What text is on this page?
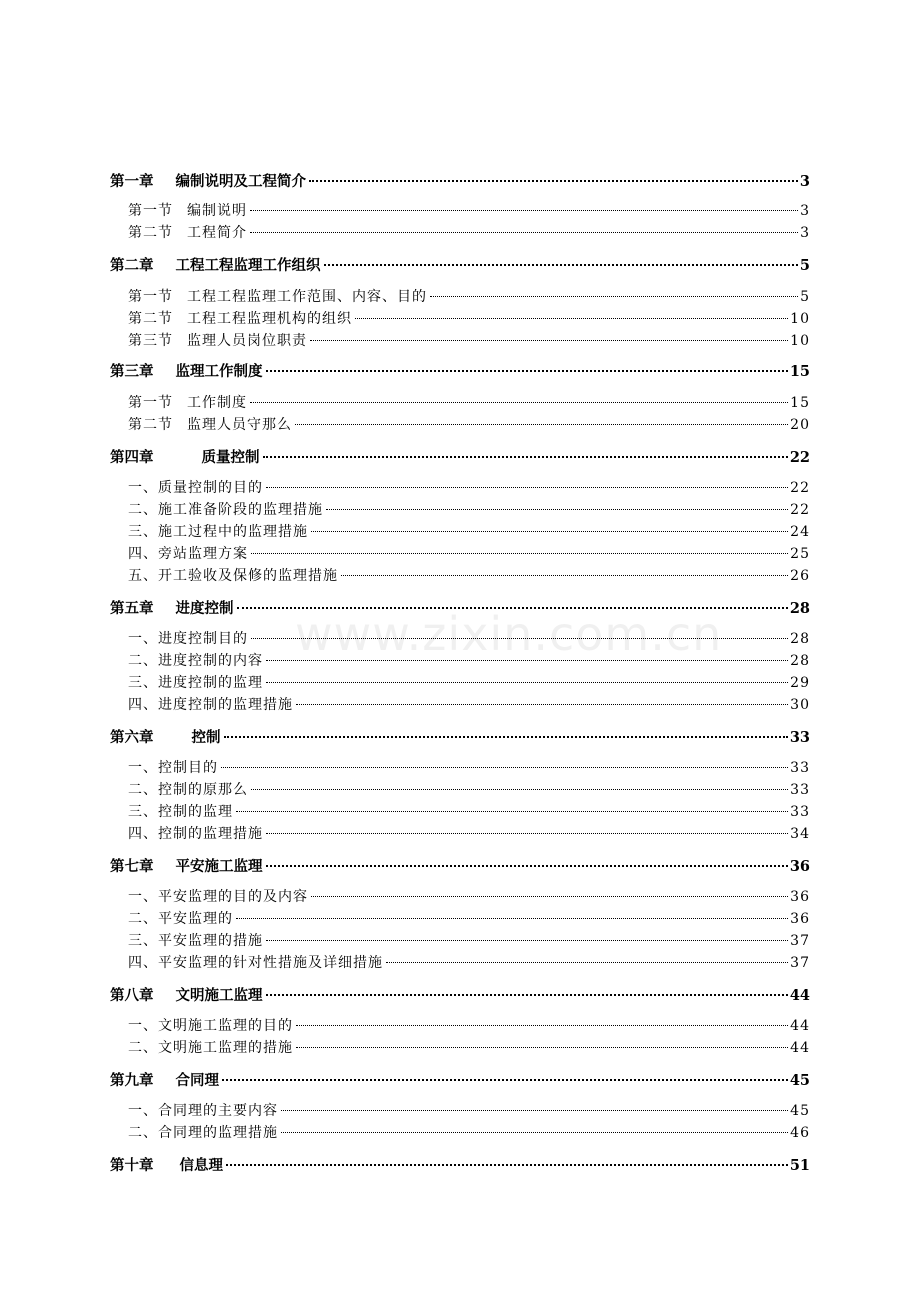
www.zixin.com.cn
第一章 编制说明及工程简介	3
第一节 编制说明	3
第二节 工程简介	3
第二章 工程工程监理工作组织	5
第一节 工程工程监理工作范围、内容、目的	5
第二节 工程工程监理机构的组织	10
第三节 监理人员岗位职责	10
第三章 监理工作制度	15
第一节 工作制度	15
第二节 监理人员守那么	20
第四章	质量控制	22
一、质量控制的目的	22
二、施工准备阶段的监理措施	22
三、施工过程中的监理措施	24
四、旁站监理方案	25
五、开工验收及保修的监理措施	26
第五章 进度控制	28
一、进度控制目的	28
二、进度控制的内容	28
三、进度控制的监理	29
四、进度控制的监理措施	30
第六章	控制	33
一、控制目的	33
二、控制的原那么	33
三、控制的监理	33
四、控制的监理措施	34
第七章 平安施工监理	36
一、平安监理的目的及内容	36
二、平安监理的	36
三、平安监理的措施	37
四、平安监理的针对性措施及详细措施	37
第八章 文明施工监理	44
一、文明施工监理的目的	44
二、文明施工监理的措施	44
第九章 合同理	45
一、合同理的主要内容	45
二、合同理的监理措施	46
第十章 信息理	51
